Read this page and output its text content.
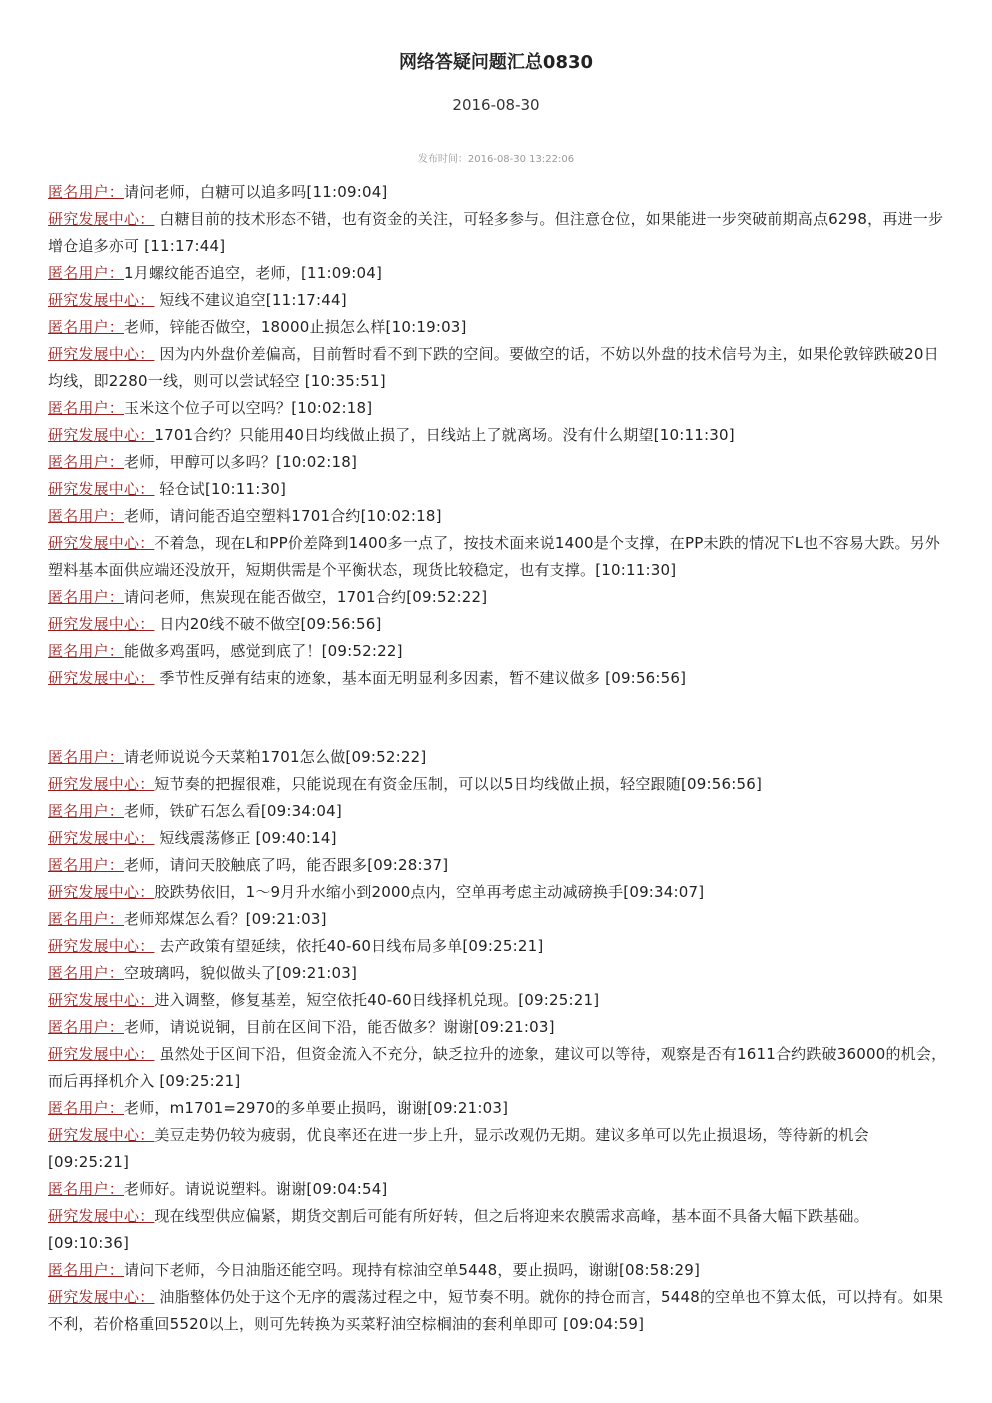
网络答疑问题汇总0830
2016-08-30
发布时间：2016-08-30 13:22:06
匿名用户：请问老师，白糖可以追多吗[11:09:04]
研究发展中心： 白糖目前的技术形态不错，也有资金的关注，可轻多参与。但注意仓位，如果能进一步突破前期高点6298，再进一步增仓追多亦可 [11:17:44]
匿名用户：1月螺纹能否追空，老师，[11:09:04]
研究发展中心： 短线不建议追空[11:17:44]
匿名用户：老师，锌能否做空，18000止损怎么样[10:19:03]
研究发展中心： 因为内外盘价差偏高，目前暂时看不到下跌的空间。要做空的话，不妨以外盘的技术信号为主，如果伦敦锌跌破20日均线，即2280一线，则可以尝试轻空 [10:35:51]
匿名用户：玉米这个位子可以空吗？[10:02:18]
研究发展中心：1701合约？只能用40日均线做止损了，日线站上了就离场。没有什么期望[10:11:30]
匿名用户：老师，甲醇可以多吗？[10:02:18]
研究发展中心： 轻仓试[10:11:30]
匿名用户：老师，请问能否追空塑料1701合约[10:02:18]
研究发展中心：不着急，现在L和PP价差降到1400多一点了，按技术面来说1400是个支撑，在PP未跌的情况下L也不容易大跌。另外塑料基本面供应端还没放开，短期供需是个平衡状态，现货比较稳定，也有支撑。[10:11:30]
匿名用户：请问老师，焦炭现在能否做空，1701合约[09:52:22]
研究发展中心： 日内20线不破不做空[09:56:56]
匿名用户：能做多鸡蛋吗，感觉到底了！[09:52:22]
研究发展中心： 季节性反弹有结束的迹象，基本面无明显利多因素，暂不建议做多 [09:56:56]
匿名用户：请老师说说今天菜粕1701怎么做[09:52:22]
研究发展中心：短节奏的把握很难，只能说现在有资金压制，可以以5日均线做止损，轻空跟随[09:56:56]
匿名用户：老师，铁矿石怎么看[09:34:04]
研究发展中心： 短线震荡修正 [09:40:14]
匿名用户：老师，请问天胶触底了吗，能否跟多[09:28:37]
研究发展中心：胶跌势依旧，1～9月升水缩小到2000点内，空单再考虑主动减磅换手[09:34:07]
匿名用户：老师郑煤怎么看？[09:21:03]
研究发展中心： 去产政策有望延续，依托40-60日线布局多单[09:25:21]
匿名用户：空玻璃吗，貌似做头了[09:21:03]
研究发展中心：进入调整，修复基差，短空依托40-60日线择机兑现。[09:25:21]
匿名用户：老师，请说说铜，目前在区间下沿，能否做多？谢谢[09:21:03]
研究发展中心： 虽然处于区间下沿，但资金流入不充分，缺乏拉升的迹象，建议可以等待，观察是否有1611合约跌破36000的机会，而后再择机介入 [09:25:21]
匿名用户：老师，m1701=2970的多单要止损吗，谢谢[09:21:03]
研究发展中心：美豆走势仍较为疲弱，优良率还在进一步上升，显示改观仍无期。建议多单可以先止损退场，等待新的机会[09:25:21]
匿名用户：老师好。请说说塑料。谢谢[09:04:54]
研究发展中心：现在线型供应偏紧，期货交割后可能有所好转，但之后将迎来农膜需求高峰，基本面不具备大幅下跌基础。[09:10:36]
匿名用户：请问下老师，今日油脂还能空吗。现持有棕油空单5448，要止损吗，谢谢[08:58:29]
研究发展中心： 油脂整体仍处于这个无序的震荡过程之中，短节奏不明。就你的持仓而言，5448的空单也不算太低，可以持有。如果不利，若价格重回5520以上，则可先转换为买菜籽油空棕榈油的套利单即可 [09:04:59]
